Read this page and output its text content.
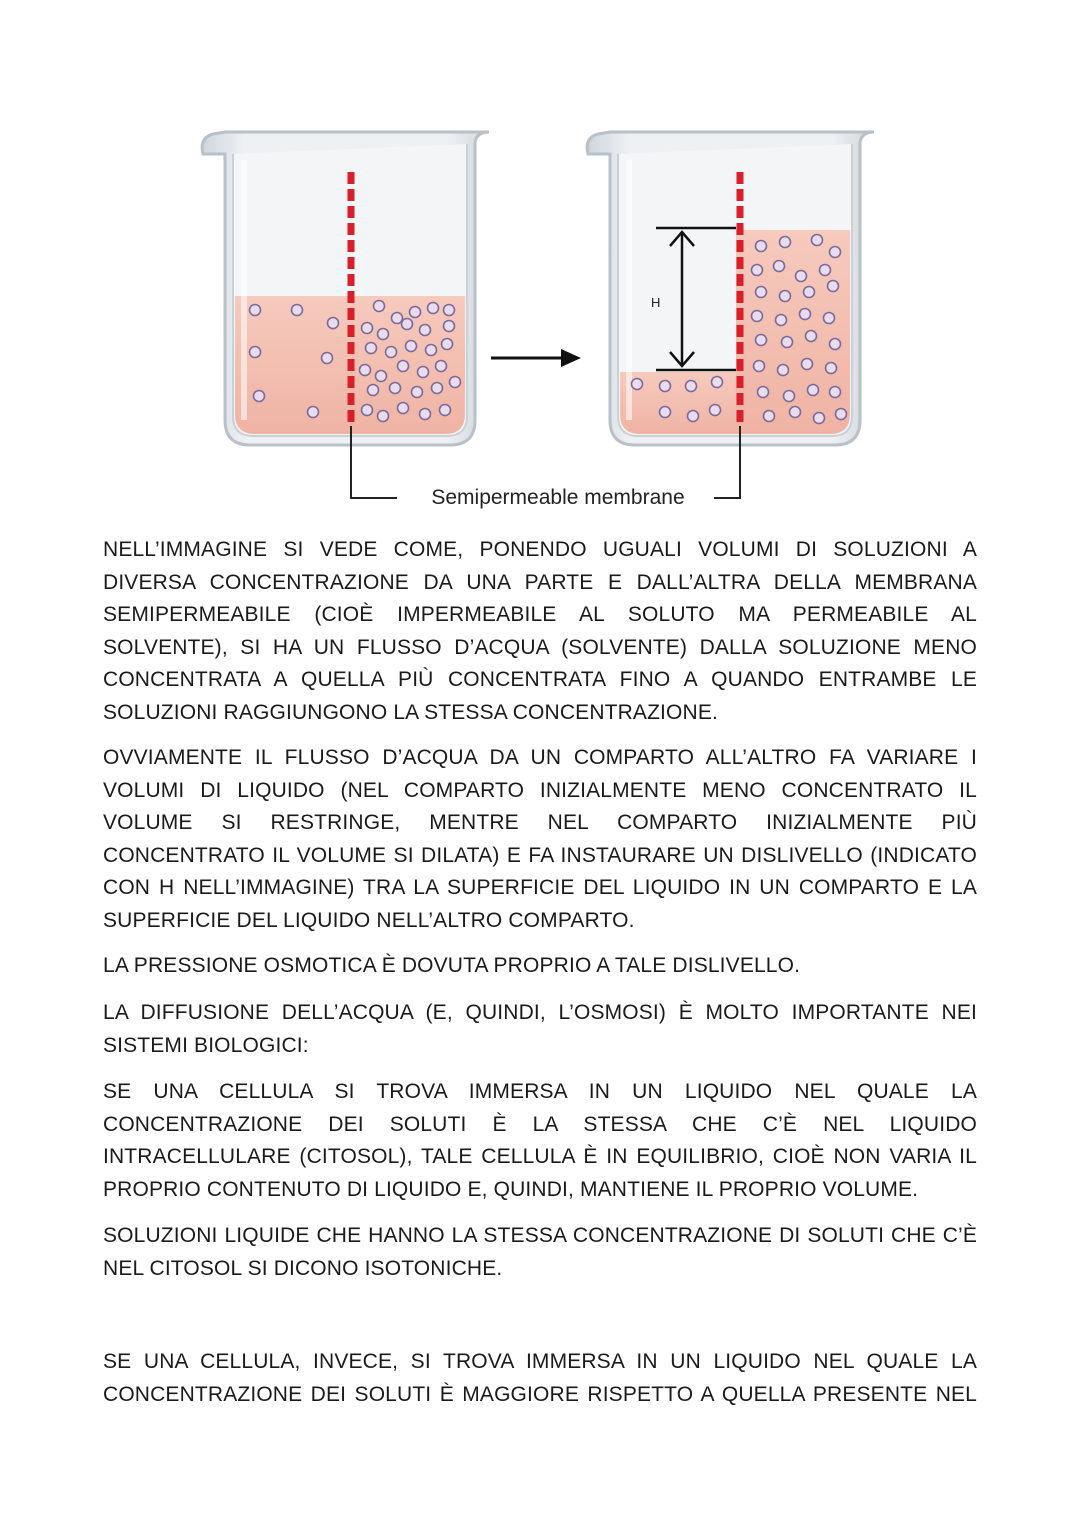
H
Semipermeable membrane
NELL’IMMAGINE SI VEDE COME, PONENDO UGUALI VOLUMI DI SOLUZIONI A DIVERSA CONCENTRAZIONE DA UNA PARTE E DALL’ALTRA DELLA MEMBRANA SEMIPERMEABILE (CIOÈ IMPERMEABILE AL SOLUTO MA PERMEABILE AL SOLVENTE), SI HA UN FLUSSO D’ACQUA (SOLVENTE) DALLA SOLUZIONE MENO CONCENTRATA A QUELLA PIÙ CONCENTRATA FINO A QUANDO ENTRAMBE LE SOLUZIONI RAGGIUNGONO LA STESSA CONCENTRAZIONE.
OVVIAMENTE IL FLUSSO D’ACQUA DA UN COMPARTO ALL’ALTRO FA VARIARE I VOLUMI DI LIQUIDO (NEL COMPARTO INIZIALMENTE MENO CONCENTRATO IL VOLUME SI RESTRINGE, MENTRE NEL COMPARTO INIZIALMENTE PIÙ CONCENTRATO IL VOLUME SI DILATA) E FA INSTAURARE UN DISLIVELLO (INDICATO CON H NELL’IMMAGINE) TRA LA SUPERFICIE DEL LIQUIDO IN UN COMPARTO E LA SUPERFICIE DEL LIQUIDO NELL’ALTRO COMPARTO.
LA PRESSIONE OSMOTICA È DOVUTA PROPRIO A TALE DISLIVELLO.
LA DIFFUSIONE DELL’ACQUA (E, QUINDI, L’OSMOSI) È MOLTO IMPORTANTE NEI SISTEMI BIOLOGICI:
SE UNA CELLULA SI TROVA IMMERSA IN UN LIQUIDO NEL QUALE LA CONCENTRAZIONE DEI SOLUTI È LA STESSA CHE C’È NEL LIQUIDO INTRACELLULARE (CITOSOL), TALE CELLULA È IN EQUILIBRIO, CIOÈ NON VARIA IL PROPRIO CONTENUTO DI LIQUIDO E, QUINDI, MANTIENE IL PROPRIO VOLUME.
SOLUZIONI LIQUIDE CHE HANNO LA STESSA CONCENTRAZIONE DI SOLUTI CHE C’È NEL CITOSOL SI DICONO ISOTONICHE.
SE UNA CELLULA, INVECE, SI TROVA IMMERSA IN UN LIQUIDO NEL QUALE LA CONCENTRAZIONE DEI SOLUTI È MAGGIORE RISPETTO A QUELLA PRESENTE NEL
